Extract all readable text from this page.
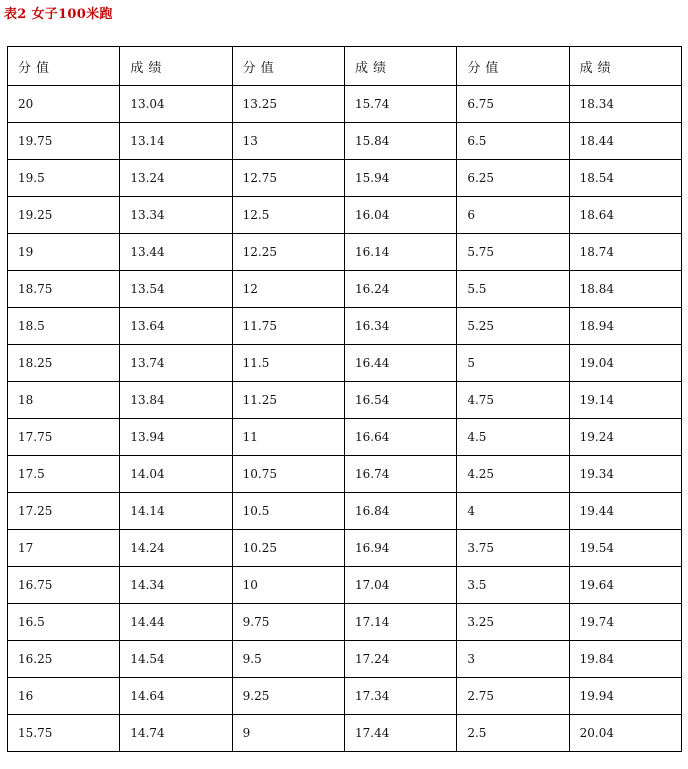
表2 女子100米跑
分值	成绩	分值	成绩	分值	成绩
20	13.04	13.25	15.74	6.75	18.34
19.75	13.14	13	15.84	6.5	18.44
19.5	13.24	12.75	15.94	6.25	18.54
19.25	13.34	12.5	16.04	6	18.64
19	13.44	12.25	16.14	5.75	18.74
18.75	13.54	12	16.24	5.5	18.84
18.5	13.64	11.75	16.34	5.25	18.94
18.25	13.74	11.5	16.44	5	19.04
18	13.84	11.25	16.54	4.75	19.14
17.75	13.94	11	16.64	4.5	19.24
17.5	14.04	10.75	16.74	4.25	19.34
17.25	14.14	10.5	16.84	4	19.44
17	14.24	10.25	16.94	3.75	19.54
16.75	14.34	10	17.04	3.5	19.64
16.5	14.44	9.75	17.14	3.25	19.74
16.25	14.54	9.5	17.24	3	19.84
16	14.64	9.25	17.34	2.75	19.94
15.75	14.74	9	17.44	2.5	20.04
